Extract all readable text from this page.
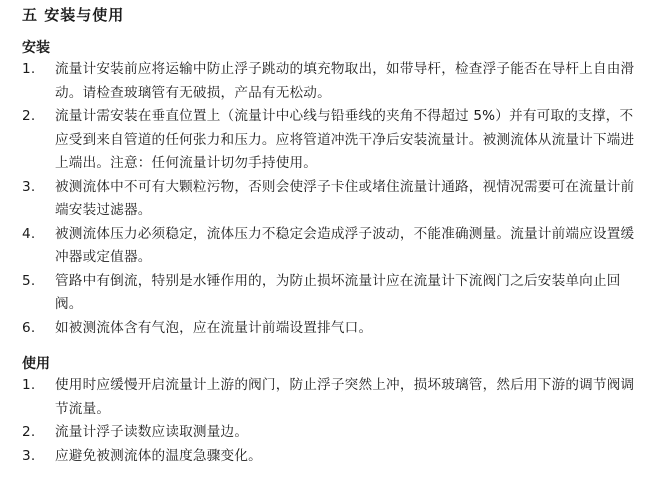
五 安装与使用
安装
1.	流量计安装前应将运输中防止浮子跳动的填充物取出，如带导杆，检查浮子能否在导杆上自由滑动。请检查玻璃管有无破损，产品有无松动。
2.	流量计需安装在垂直位置上（流量计中心线与铅垂线的夹角不得超过 5%）并有可取的支撑，不应受到来自管道的任何张力和压力。应将管道冲洗干净后安装流量计。被测流体从流量计下端进上端出。注意：任何流量计切勿手持使用。
3.	被测流体中不可有大颗粒污物，否则会使浮子卡住或堵住流量计通路，视情况需要可在流量计前端安装过滤器。
4.	被测流体压力必须稳定，流体压力不稳定会造成浮子波动，不能准确测量。流量计前端应设置缓冲器或定值器。
5.	管路中有倒流，特别是水锤作用的，为防止损坏流量计应在流量计下流阀门之后安装单向止回阀。
6.	如被测流体含有气泡，应在流量计前端设置排气口。
使用
1.	使用时应缓慢开启流量计上游的阀门，防止浮子突然上冲，损坏玻璃管，然后用下游的调节阀调节流量。
2.	流量计浮子读数应读取测量边。
3.	应避免被测流体的温度急骤变化。
